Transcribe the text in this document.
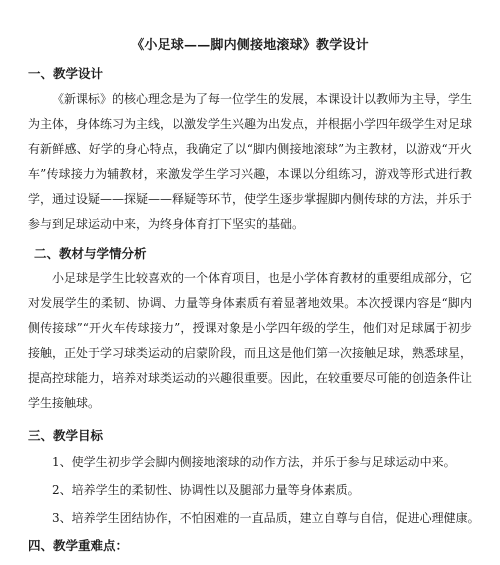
《小足球——脚内侧接地滚球》教学设计
一、教学设计
《新课标》的核心理念是为了每一位学生的发展，本课设计以教师为主导，学生为主体，身体练习为主线，以激发学生兴趣为出发点，并根据小学四年级学生对足球有新鲜感、好学的身心特点，我确定了以“脚内侧接地滚球”为主教材，以游戏“开火车”传球接力为辅教材，来激发学生学习兴趣，本课以分组练习，游戏等形式进行教学，通过设疑——探疑——释疑等环节，使学生逐步掌握脚内侧传球的方法，并乐于参与到足球运动中来，为终身体育打下坚实的基础。
二、教材与学情分析
小足球是学生比较喜欢的一个体育项目，也是小学体育教材的重要组成部分，它对发展学生的柔韧、协调、力量等身体素质有着显著地效果。本次授课内容是“脚内侧传接球”“开火车传球接力”，授课对象是小学四年级的学生，他们对足球属于初步接触，正处于学习球类运动的启蒙阶段，而且这是他们第一次接触足球，熟悉球星，提高控球能力，培养对球类运动的兴趣很重要。因此，在较重要尽可能的创造条件让学生接触球。
三、教学目标
1、使学生初步学会脚内侧接地滚球的动作方法，并乐于参与足球运动中来。
2、培养学生的柔韧性、协调性以及腿部力量等身体素质。
3、培养学生团结协作，不怕困难的一直品质，建立自尊与自信，促进心理健康。
四、教学重难点：
